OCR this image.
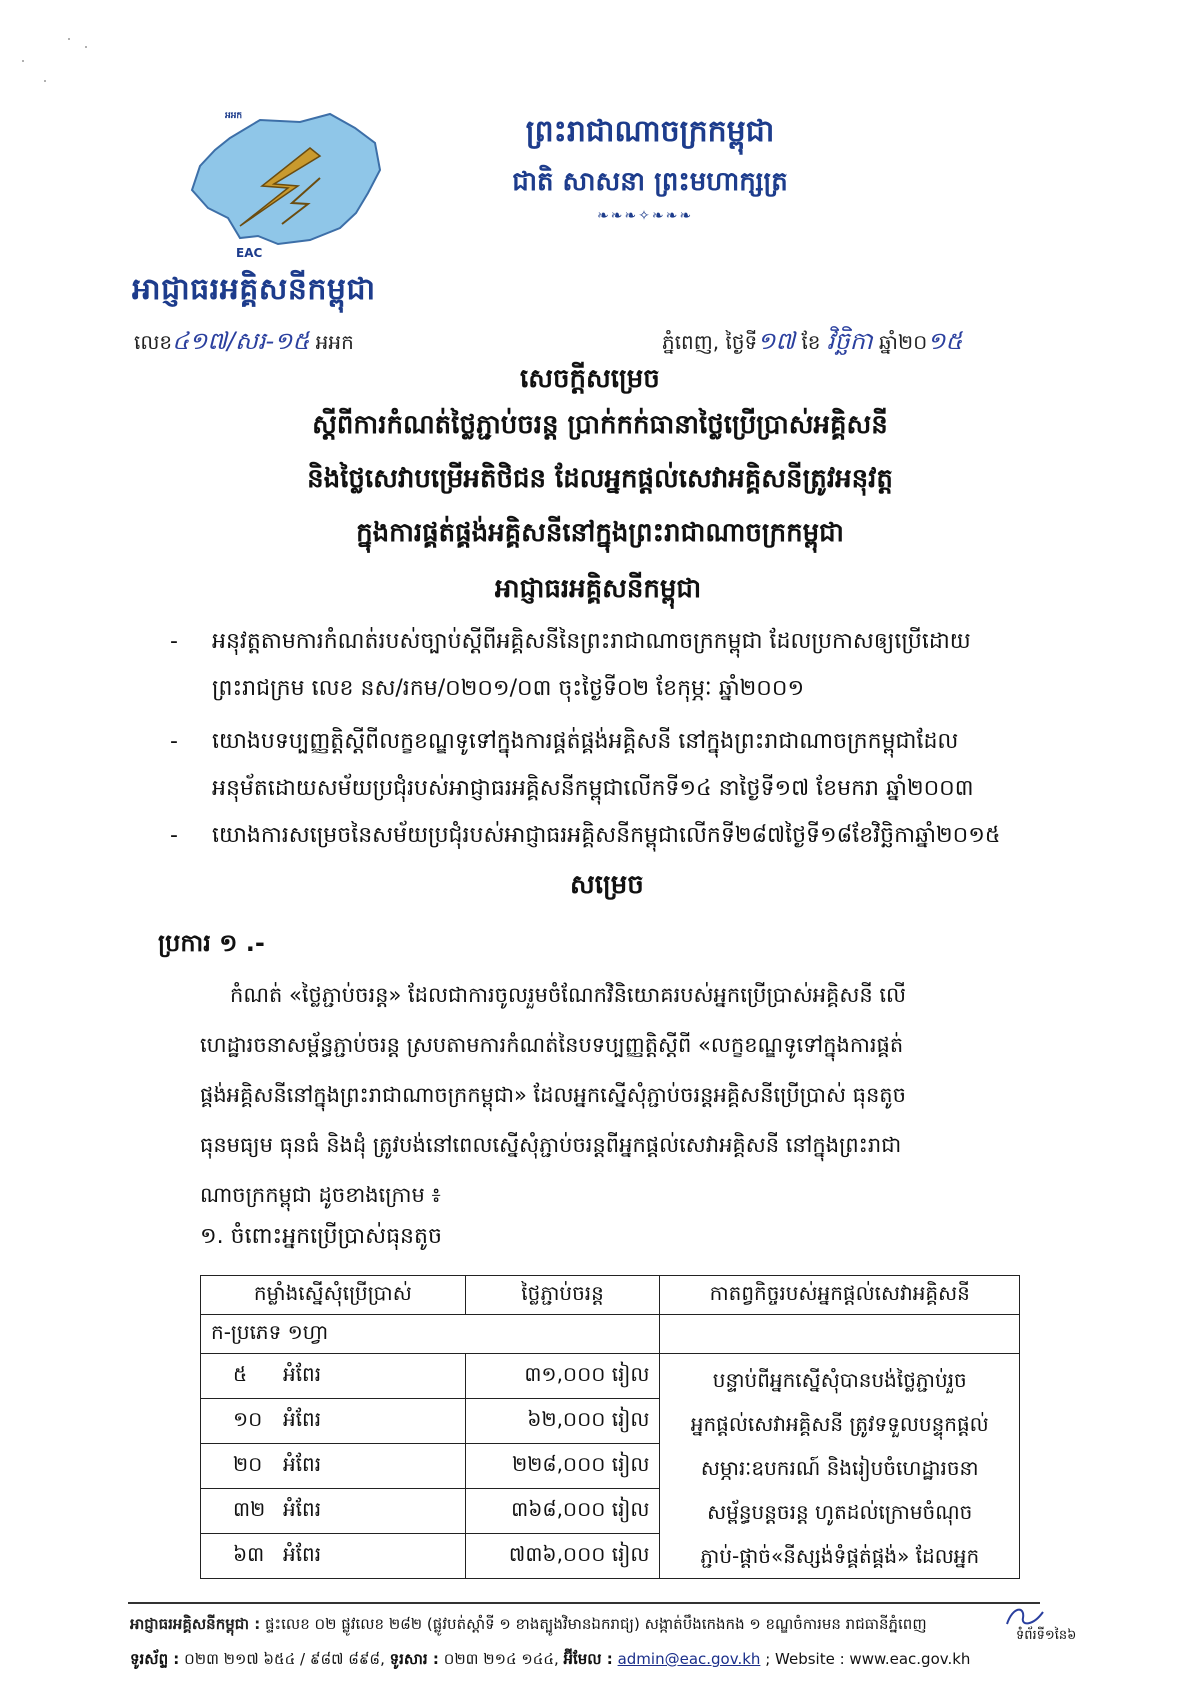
អអក
EAC
អាជ្ញាធរអគ្គិសនីកម្ពុជា
ព្រះរាជាណាចក្រកម្ពុជា
ជាតិ សាសនា ព្រះមហាក្សត្រ
❧❧❧✧❧❧❧
លេខ៤១៧/សរ-១៥ អអក	ភ្នំពេញ, ថ្ងៃទី១៧ ខែ វិច្ឆិកា ឆ្នាំ២០១៥
សេចក្តីសម្រេច
ស្តីពីការកំណត់ថ្លៃភ្ជាប់ចរន្ត ប្រាក់កក់ធានាថ្លៃប្រើប្រាស់អគ្គិសនី
និងថ្លៃសេវាបម្រើអតិថិជន ដែលអ្នកផ្តល់សេវាអគ្គិសនីត្រូវអនុវត្ត
ក្នុងការផ្គត់ផ្គង់អគ្គិសនីនៅក្នុងព្រះរាជាណាចក្រកម្ពុជា
អាជ្ញាធរអគ្គិសនីកម្ពុជា
- អនុវត្តតាមការកំណត់របស់ច្បាប់ស្តីពីអគ្គិសនីនៃព្រះរាជាណាចក្រកម្ពុជា ដែលប្រកាសឲ្យប្រើដោយ
ព្រះរាជក្រម លេខ នស/រកម/០២០១/០៣ ចុះថ្ងៃទី០២ ខែកុម្ភៈ ឆ្នាំ២០០១
- យោងបទប្បញ្ញត្តិស្តីពីលក្ខខណ្ឌទូទៅក្នុងការផ្គត់ផ្គង់អគ្គិសនី នៅក្នុងព្រះរាជាណាចក្រកម្ពុជាដែល
អនុម័តដោយសម័យប្រជុំរបស់អាជ្ញាធរអគ្គិសនីកម្ពុជាលើកទី១៤ នាថ្ងៃទី១៧ ខែមករា ឆ្នាំ២០០៣
- យោងការសម្រេចនៃសម័យប្រជុំរបស់អាជ្ញាធរអគ្គិសនីកម្ពុជាលើកទី២៨៧ថ្ងៃទី១៨ខែវិច្ឆិកាឆ្នាំ២០១៥
សម្រេច
ប្រការ ១ .-
កំណត់ «ថ្លៃភ្ជាប់ចរន្ត» ដែលជាការចូលរួមចំណែកវិនិយោគរបស់អ្នកប្រើប្រាស់អគ្គិសនី លើ
ហេដ្ឋារចនាសម្ព័ន្ធភ្ជាប់ចរន្ត ស្របតាមការកំណត់នៃបទប្បញ្ញត្តិស្តីពី «លក្ខខណ្ឌទូទៅក្នុងការផ្គត់
ផ្គង់អគ្គិសនីនៅក្នុងព្រះរាជាណាចក្រកម្ពុជា» ដែលអ្នកស្នើសុំភ្ជាប់ចរន្តអគ្គិសនីប្រើប្រាស់ ធុនតូច
ធុនមធ្យម ធុនធំ និងដុំ ត្រូវបង់នៅពេលស្នើសុំភ្ជាប់ចរន្តពីអ្នកផ្តល់សេវាអគ្គិសនី នៅក្នុងព្រះរាជា
ណាចក្រកម្ពុជា ដូចខាងក្រោម ៖
១. ចំពោះអ្នកប្រើប្រាស់ធុនតូច
កម្លាំងស្នើសុំប្រើប្រាស់	ថ្លៃភ្ជាប់ចរន្ត	កាតព្វកិច្ចរបស់អ្នកផ្តល់សេវាអគ្គិសនី
ក-ប្រភេទ ១ហ្វា		
៥ អំពែរ	៣១,០០០ រៀល	បន្ទាប់ពីអ្នកស្នើសុំបានបង់ថ្លៃភ្ជាប់រួច
អ្នកផ្តល់សេវាអគ្គិសនី ត្រូវទទួលបន្ទុកផ្តល់
សម្ភារៈឧបករណ៍ និងរៀបចំហេដ្ឋារចនា
សម្ព័ន្ធបន្តចរន្ត ហូតដល់ក្រោមចំណុច
ភ្ជាប់-ផ្តាច់«នីស្សង់ទំផ្គត់ផ្គង់» ដែលអ្នក

១០ អំពែរ	៦២,០០០ រៀល	
២០ អំពែរ	២២៨,០០០ រៀល	
៣២ អំពែរ	៣៦៨,០០០ រៀល	
៦៣ អំពែរ	៧៣៦,០០០ រៀល	
អាជ្ញាធរអគ្គិសនីកម្ពុជា : ផ្ទះលេខ ០២ ផ្លូវលេខ ២៨២ (ផ្លូវបត់ស្តាំទី ១ ខាងត្បូងវិមានឯករាជ្យ) សង្កាត់បឹងកេងកង ១ ខណ្ឌចំការមន រាជធានីភ្នំពេញ
ទំព័រទី១នៃ៦
ទូរស័ព្ទ : ០២៣ ២១៧ ៦៥៤ / ៩៨៧ ៨៩៨, ទូរសារ : ០២៣ ២១៤ ១៤៤, អ៊ីមែល : admin@eac.gov.kh ; Website : www.eac.gov.kh
